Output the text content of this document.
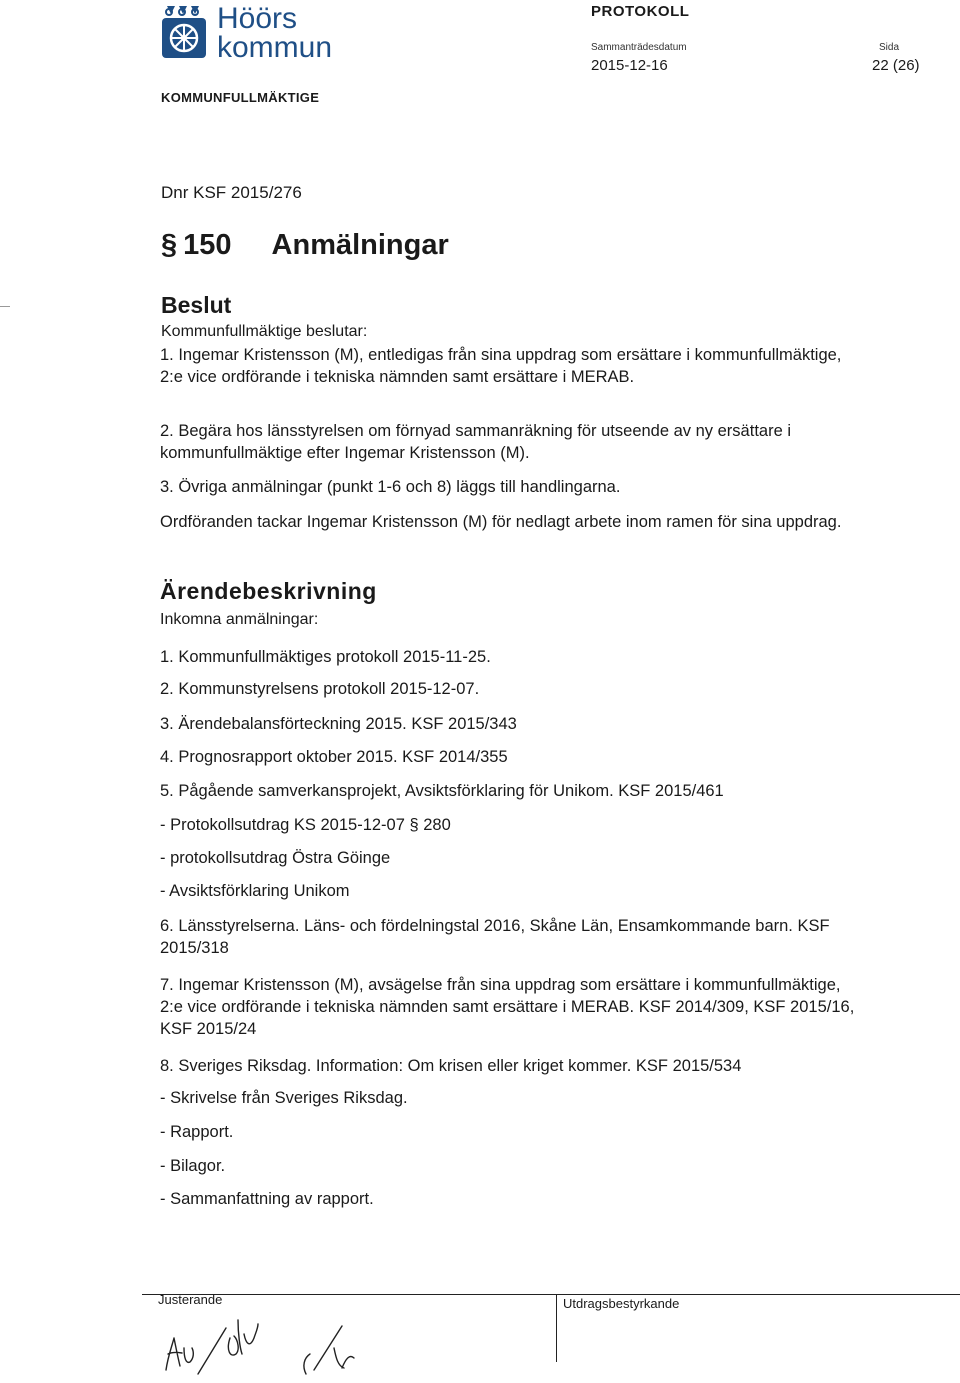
Höörs
kommun
KOMMUNFULLMÄKTIGE
PROTOKOLL
Sammanträdesdatum	Sida
2015-12-16	22 (26)
Dnr KSF 2015/276
§ 150 Anmälningar
Beslut
Kommunfullmäktige beslutar:
1. Ingemar Kristensson (M), entledigas från sina uppdrag som ersättare i kommunfullmäktige, 2:e vice ordförande i tekniska nämnden samt ersättare i MERAB.
2. Begära hos länsstyrelsen om förnyad sammanräkning för utseende av ny ersättare i kommunfullmäktige efter Ingemar Kristensson (M).
3. Övriga anmälningar (punkt 1-6 och 8) läggs till handlingarna.
Ordföranden tackar Ingemar Kristensson (M) för nedlagt arbete inom ramen för sina uppdrag.
Ärendebeskrivning
Inkomna anmälningar:
1. Kommunfullmäktiges protokoll 2015-11-25.
2. Kommunstyrelsens protokoll 2015-12-07.
3. Ärendebalansförteckning 2015. KSF 2015/343
4. Prognosrapport oktober 2015. KSF 2014/355
5. Pågående samverkansprojekt, Avsiktsförklaring för Unikom. KSF 2015/461
- Protokollsutdrag KS 2015-12-07 § 280
- protokollsutdrag Östra Göinge
- Avsiktsförklaring Unikom
6. Länsstyrelserna. Läns- och fördelningstal 2016, Skåne Län, Ensamkommande barn. KSF 2015/318
7. Ingemar Kristensson (M), avsägelse från sina uppdrag som ersättare i kommunfullmäktige, 2:e vice ordförande i tekniska nämnden samt ersättare i MERAB. KSF 2014/309, KSF 2015/16, KSF 2015/24
8. Sveriges Riksdag. Information: Om krisen eller kriget kommer. KSF 2015/534
- Skrivelse från Sveriges Riksdag.
- Rapport.
- Bilagor.
- Sammanfattning av rapport.
Justerande	Utdragsbestyrkande
